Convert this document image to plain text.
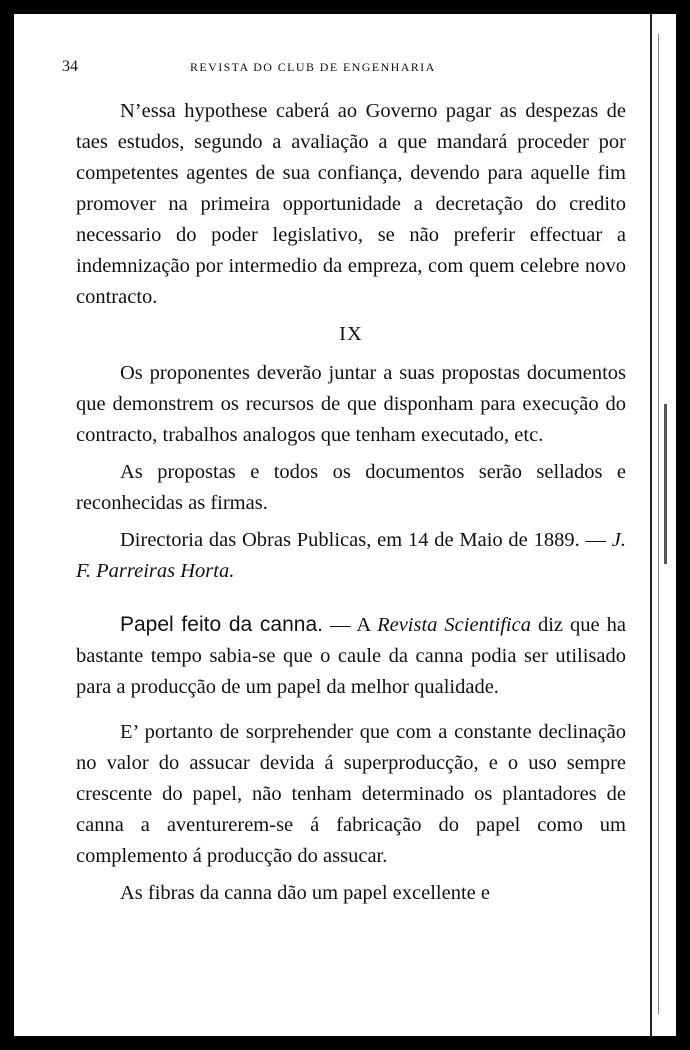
34	REVISTA DO CLUB DE ENGENHARIA

N’essa hypothese caberá ao Governo pagar as despezas de taes estudos, segundo a avaliação a que mandará proceder por competentes agentes de sua confiança, devendo para aquelle fim promover na primeira opportunidade a decretação do credito necessario do poder legislativo, se não preferir effectuar a indemnização por intermedio da empreza, com quem celebre novo contracto.

IX

Os proponentes deverão juntar a suas propostas documentos que demonstrem os recursos de que disponham para execução do contracto, trabalhos analogos que tenham executado, etc.

As propostas e todos os documentos serão sellados e reconhecidas as firmas.

Directoria das Obras Publicas, em 14 de Maio de 1889. — J. F. Parreiras Horta.

Papel feito da canna. — A Revista Scientifica diz que ha bastante tempo sabia-se que o caule da canna podia ser utilisado para a producção de um papel da melhor qualidade.

E’ portanto de sorprehender que com a constante declinação no valor do assucar devida á superproducção, e o uso sempre crescente do papel, não tenham determinado os plantadores de canna a aventurerem-se á fabricação do papel como um complemento á producção do assucar.

As fibras da canna dão um papel excellente e
